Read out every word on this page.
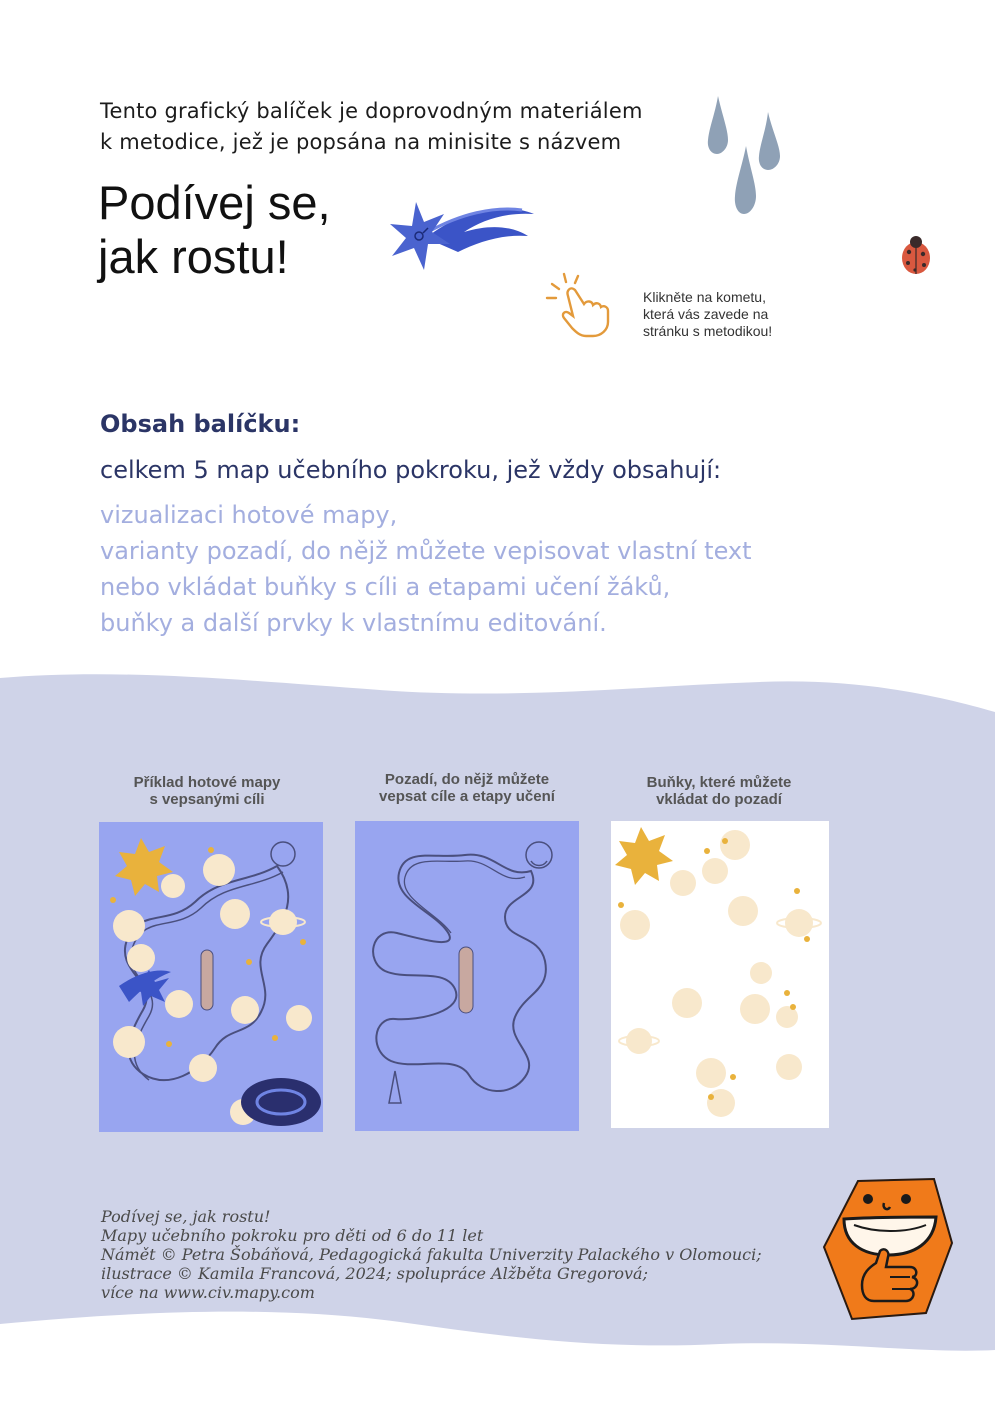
Tento grafický balíček je doprovodným materiálem
k metodice, jež je popsána na minisite s názvem
Podívej se,
jak rostu!
Klikněte na kometu,
která vás zavede na
stránku s metodikou!
Obsah balíčku:
celkem 5 map učebního pokroku, jež vždy obsahují:
vizualizaci hotové mapy,
varianty pozadí, do nějž můžete vepisovat vlastní text
nebo vkládat buňky s cíli a etapami učení žáků,
buňky a další prvky k vlastnímu editování.
Příklad hotové mapy
s vepsanými cíli
Pozadí, do nějž můžete
vepsat cíle a etapy učení
Buňky, které můžete
vkládat do pozadí
Podívej se, jak rostu!
Mapy učebního pokroku pro děti od 6 do 11 let
Námět © Petra Šobáňová, Pedagogická fakulta Univerzity Palackého v Olomouci;
ilustrace © Kamila Francová, 2024; spolupráce Alžběta Gregorová;
více na www.civ.mapy.com
